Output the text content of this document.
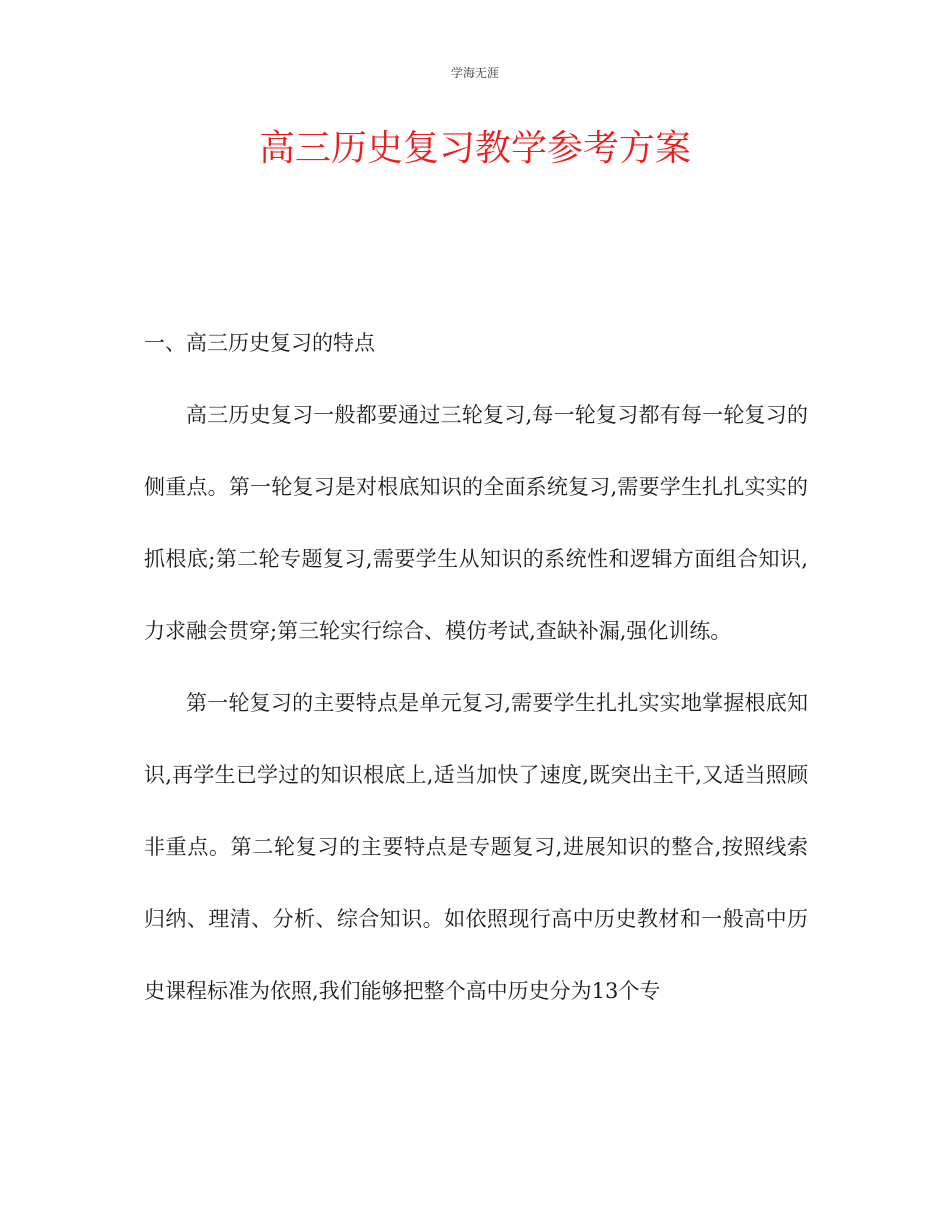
学海无涯
高三历史复习教学参考方案
一、高三历史复习的特点

高三历史复习一般都要通过三轮复习,每一轮复习都有每一轮复习的侧重点。第一轮复习是对根底知识的全面系统复习,需要学生扎扎实实的抓根底;第二轮专题复习,需要学生从知识的系统性和逻辑方面组合知识,力求融会贯穿;第三轮实行综合、模仿考试,查缺补漏,强化训练。

第一轮复习的主要特点是单元复习,需要学生扎扎实实地掌握根底知识,再学生已学过的知识根底上,适当加快了速度,既突出主干,又适当照顾非重点。第二轮复习的主要特点是专题复习,进展知识的整合,按照线索归纳、理清、分析、综合知识。如依照现行高中历史教材和一般高中历史课程标准为依照,我们能够把整个高中历史分为13个专
